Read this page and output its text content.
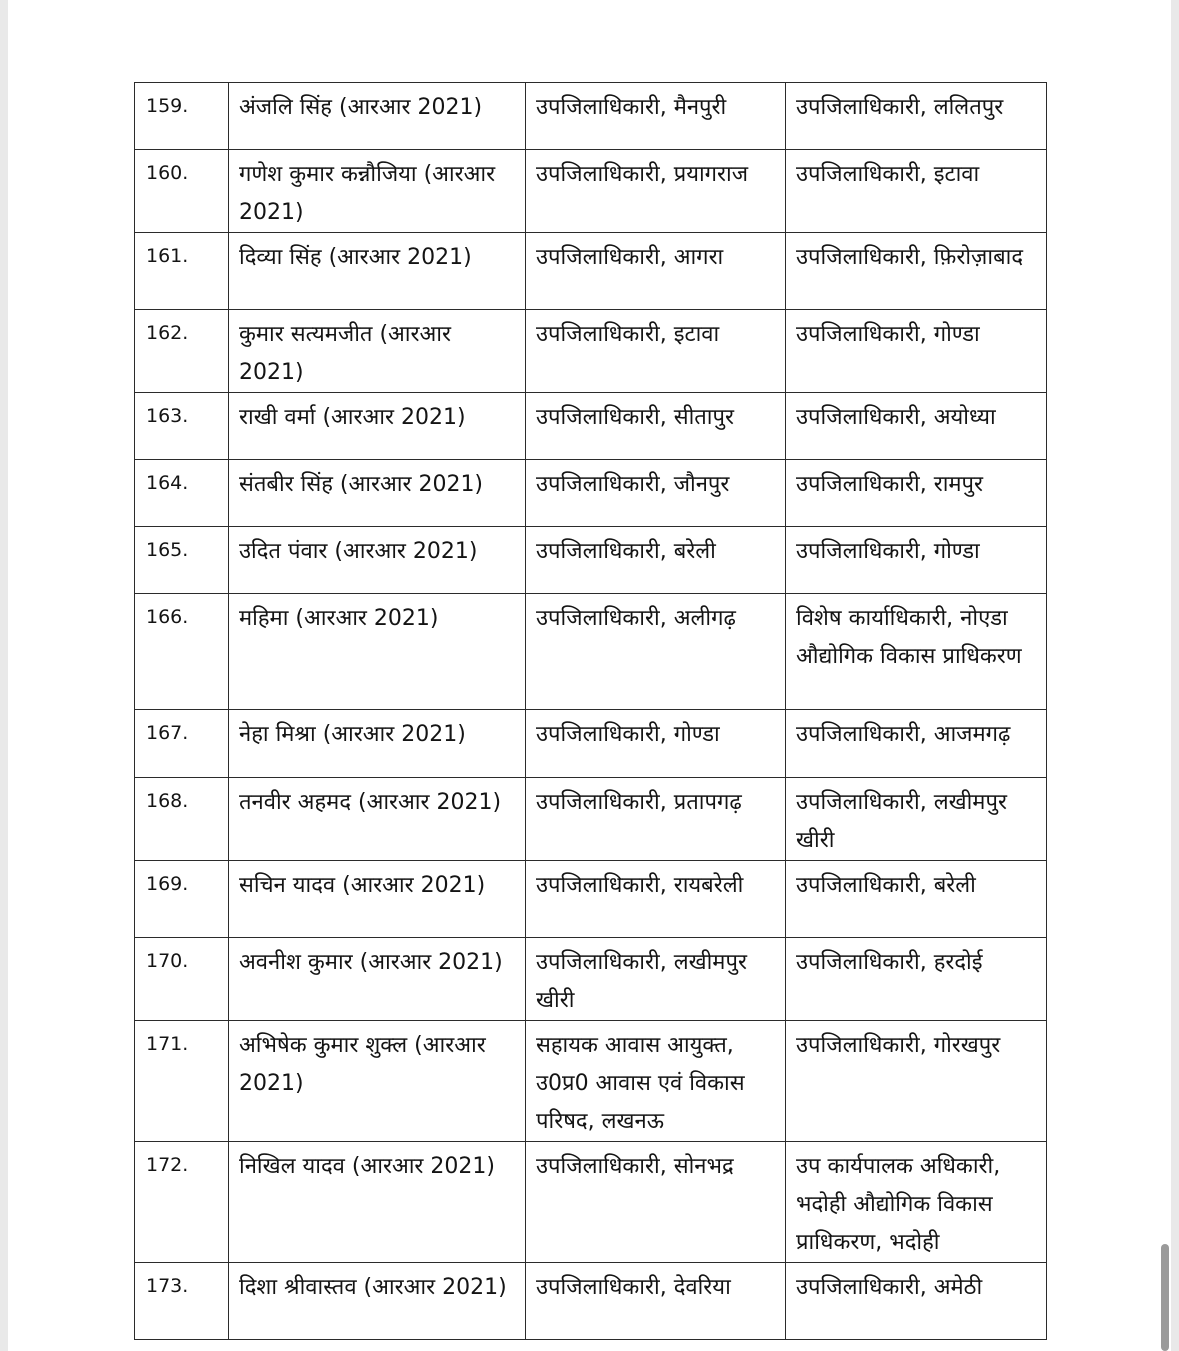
159.	अंजलि सिंह (आरआर 2021)	उपजिलाधिकारी, मैनपुरी	उपजिलाधिकारी, ललितपुर
160.	गणेश कुमार कन्नौजिया (आरआर 2021)	उपजिलाधिकारी, प्रयागराज	उपजिलाधिकारी, इटावा
161.	दिव्या सिंह (आरआर 2021)	उपजिलाधिकारी, आगरा	उपजिलाधिकारी, फ़िरोज़ाबाद
162.	कुमार सत्यमजीत (आरआर 2021)	उपजिलाधिकारी, इटावा	उपजिलाधिकारी, गोण्डा
163.	राखी वर्मा (आरआर 2021)	उपजिलाधिकारी, सीतापुर	उपजिलाधिकारी, अयोध्या
164.	संतबीर सिंह (आरआर 2021)	उपजिलाधिकारी, जौनपुर	उपजिलाधिकारी, रामपुर
165.	उदित पंवार (आरआर 2021)	उपजिलाधिकारी, बरेली	उपजिलाधिकारी, गोण्डा
166.	महिमा (आरआर 2021)	उपजिलाधिकारी, अलीगढ़	विशेष कार्याधिकारी, नोएडा औद्योगिक विकास प्राधिकरण
167.	नेहा मिश्रा (आरआर 2021)	उपजिलाधिकारी, गोण्डा	उपजिलाधिकारी, आजमगढ़
168.	तनवीर अहमद (आरआर 2021)	उपजिलाधिकारी, प्रतापगढ़	उपजिलाधिकारी, लखीमपुर खीरी
169.	सचिन यादव (आरआर 2021)	उपजिलाधिकारी, रायबरेली	उपजिलाधिकारी, बरेली
170.	अवनीश कुमार (आरआर 2021)	उपजिलाधिकारी, लखीमपुर खीरी	उपजिलाधिकारी, हरदोई
171.	अभिषेक कुमार शुक्ल (आरआर 2021)	सहायक आवास आयुक्त, उ0प्र0 आवास एवं विकास परिषद, लखनऊ	उपजिलाधिकारी, गोरखपुर
172.	निखिल यादव (आरआर 2021)	उपजिलाधिकारी, सोनभद्र	उप कार्यपालक अधिकारी, भदोही औद्योगिक विकास प्राधिकरण, भदोही
173.	दिशा श्रीवास्तव (आरआर 2021)	उपजिलाधिकारी, देवरिया	उपजिलाधिकारी, अमेठी
